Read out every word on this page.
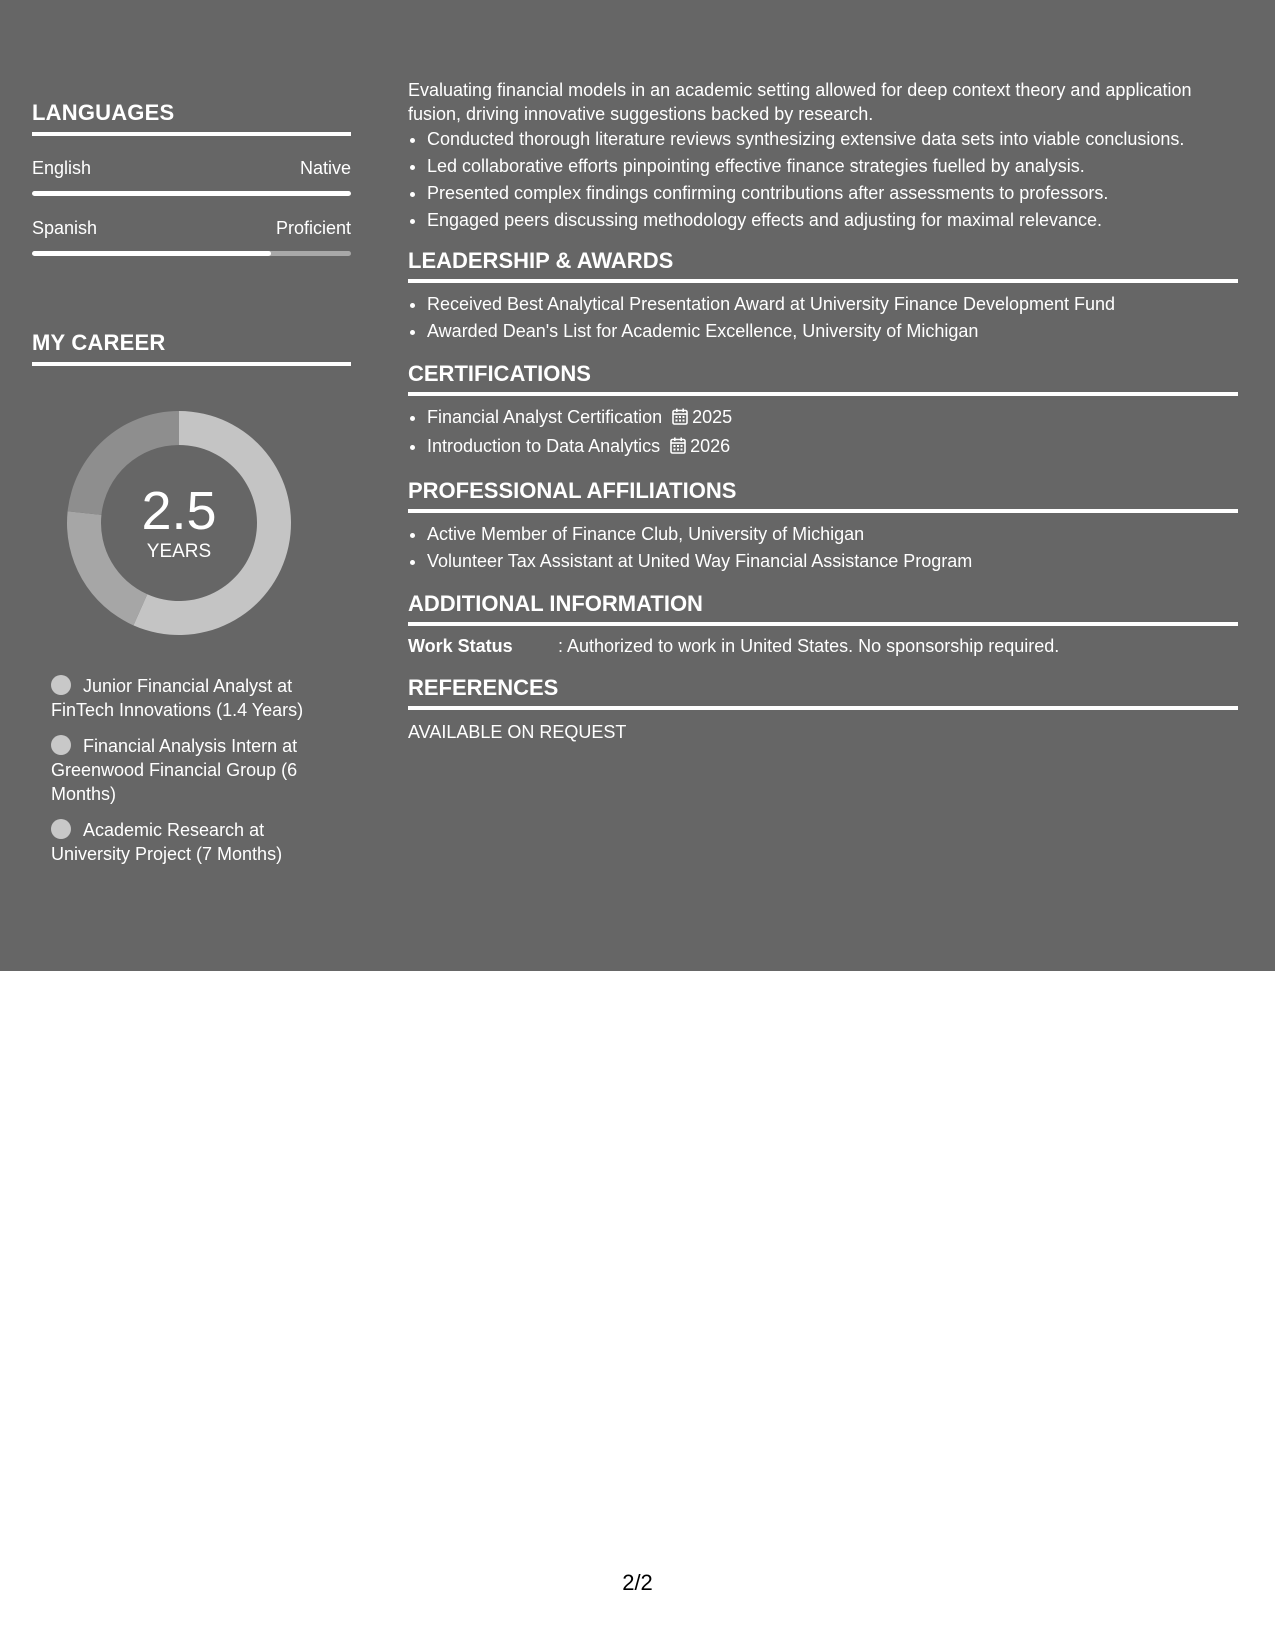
LANGUAGES
English	Native
Spanish	Proficient
MY CAREER
2.5
YEARS
Junior Financial Analyst at FinTech Innovations (1.4 Years)
Financial Analysis Intern at Greenwood Financial Group (6 Months)
Academic Research at University Project (7 Months)

Evaluating financial models in an academic setting allowed for deep context theory and application fusion, driving innovative suggestions backed by research.

• Conducted thorough literature reviews synthesizing extensive data sets into viable conclusions.
• Led collaborative efforts pinpointing effective finance strategies fuelled by analysis.
• Presented complex findings confirming contributions after assessments to professors.
• Engaged peers discussing methodology effects and adjusting for maximal relevance.
LEADERSHIP & AWARDS
• Received Best Analytical Presentation Award at University Finance Development Fund
• Awarded Dean's List for Academic Excellence, University of Michigan
CERTIFICATIONS
• Financial Analyst Certification 2025
• Introduction to Data Analytics 2026
PROFESSIONAL AFFILIATIONS
• Active Member of Finance Club, University of Michigan
• Volunteer Tax Assistant at United Way Financial Assistance Program
ADDITIONAL INFORMATION
Work Status	: Authorized to work in United States. No sponsorship required.
REFERENCES
AVAILABLE ON REQUEST
2/2
